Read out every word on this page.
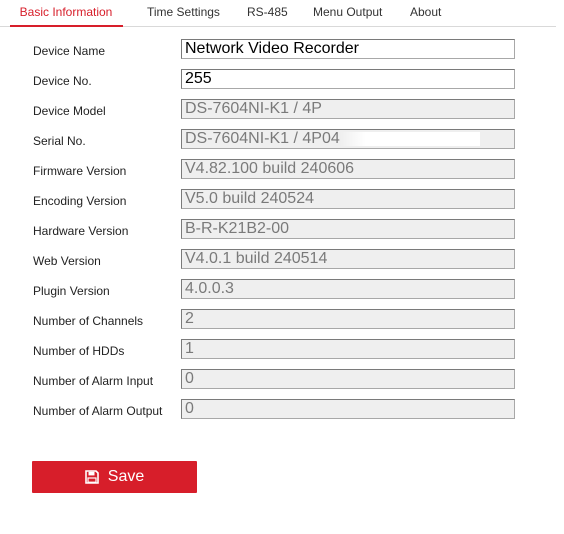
Basic Information	Time Settings RS-485 Menu Output About
Device Name	Network Video Recorder
Device No.	255
Device Model	DS-7604NI-K1 / 4P
Serial No.	DS-7604NI-K1 / 4P04
Firmware Version	V4.82.100 build 240606
Encoding Version	V5.0 build 240524
Hardware Version	B-R-K21B2-00
Web Version	V4.0.1 build 240514
Plugin Version	4.0.0.3
Number of Channels	2
Number of HDDs	1
Number of Alarm Input 0
Number of Alarm Output 0
Save
